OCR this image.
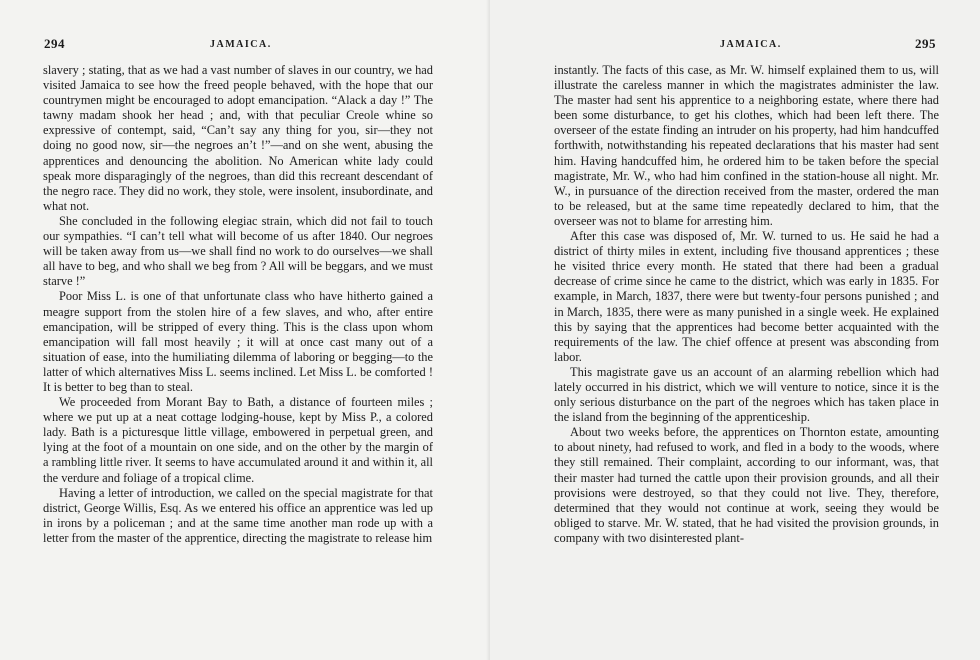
294	JAMAICA.

slavery ; stating, that as we had a vast number of slaves in our country, we had visited Jamaica to see how the freed people behaved, with the hope that our countrymen might be encouraged to adopt emancipation. “Alack a day !” The tawny madam shook her head ; and, with that peculiar Creole whine so expressive of contempt, said, “Can’t say any thing for you, sir—they not doing no good now, sir—the negroes an’t !”—and on she went, abusing the apprentices and denouncing the abolition. No American white lady could speak more disparagingly of the negroes, than did this recreant descendant of the negro race. They did no work, they stole, were insolent, insubordinate, and what not.

She concluded in the following elegiac strain, which did not fail to touch our sympathies. “I can’t tell what will become of us after 1840. Our negroes will be taken away from us—we shall find no work to do ourselves—we shall all have to beg, and who shall we beg from ? All will be beggars, and we must starve !”

Poor Miss L. is one of that unfortunate class who have hitherto gained a meagre support from the stolen hire of a few slaves, and who, after entire emancipation, will be stripped of every thing. This is the class upon whom emancipation will fall most heavily ; it will at once cast many out of a situation of ease, into the humiliating dilemma of laboring or begging—to the latter of which alternatives Miss L. seems inclined. Let Miss L. be comforted ! It is better to beg than to steal.

We proceeded from Morant Bay to Bath, a distance of fourteen miles ; where we put up at a neat cottage lodging-house, kept by Miss P., a colored lady. Bath is a picturesque little village, embowered in perpetual green, and lying at the foot of a mountain on one side, and on the other by the margin of a rambling little river. It seems to have accumulated around it and within it, all the verdure and foliage of a tropical clime.

Having a letter of introduction, we called on the special magistrate for that district, George Willis, Esq. As we entered his office an apprentice was led up in irons by a policeman ; and at the same time another man rode up with a letter from the master of the apprentice, directing the magistrate to release him

JAMAICA.	295

instantly. The facts of this case, as Mr. W. himself explained them to us, will illustrate the careless manner in which the magistrates administer the law. The master had sent his apprentice to a neighboring estate, where there had been some disturbance, to get his clothes, which had been left there. The overseer of the estate finding an intruder on his property, had him handcuffed forthwith, notwithstanding his repeated declarations that his master had sent him. Having handcuffed him, he ordered him to be taken before the special magistrate, Mr. W., who had him confined in the station-house all night. Mr. W., in pursuance of the direction received from the master, ordered the man to be released, but at the same time repeatedly declared to him, that the overseer was not to blame for arresting him.

After this case was disposed of, Mr. W. turned to us. He said he had a district of thirty miles in extent, including five thousand apprentices ; these he visited thrice every month. He stated that there had been a gradual decrease of crime since he came to the district, which was early in 1835. For example, in March, 1837, there were but twenty-four persons punished ; and in March, 1835, there were as many punished in a single week. He explained this by saying that the apprentices had become better acquainted with the requirements of the law. The chief offence at present was absconding from labor.

This magistrate gave us an account of an alarming rebellion which had lately occurred in his district, which we will venture to notice, since it is the only serious disturbance on the part of the negroes which has taken place in the island from the beginning of the apprenticeship.

About two weeks before, the apprentices on Thornton estate, amounting to about ninety, had refused to work, and fled in a body to the woods, where they still remained. Their complaint, according to our informant, was, that their master had turned the cattle upon their provision grounds, and all their provisions were destroyed, so that they could not live. They, therefore, determined that they would not continue at work, seeing they would be obliged to starve. Mr. W. stated, that he had visited the provision grounds, in company with two disinterested plant-
